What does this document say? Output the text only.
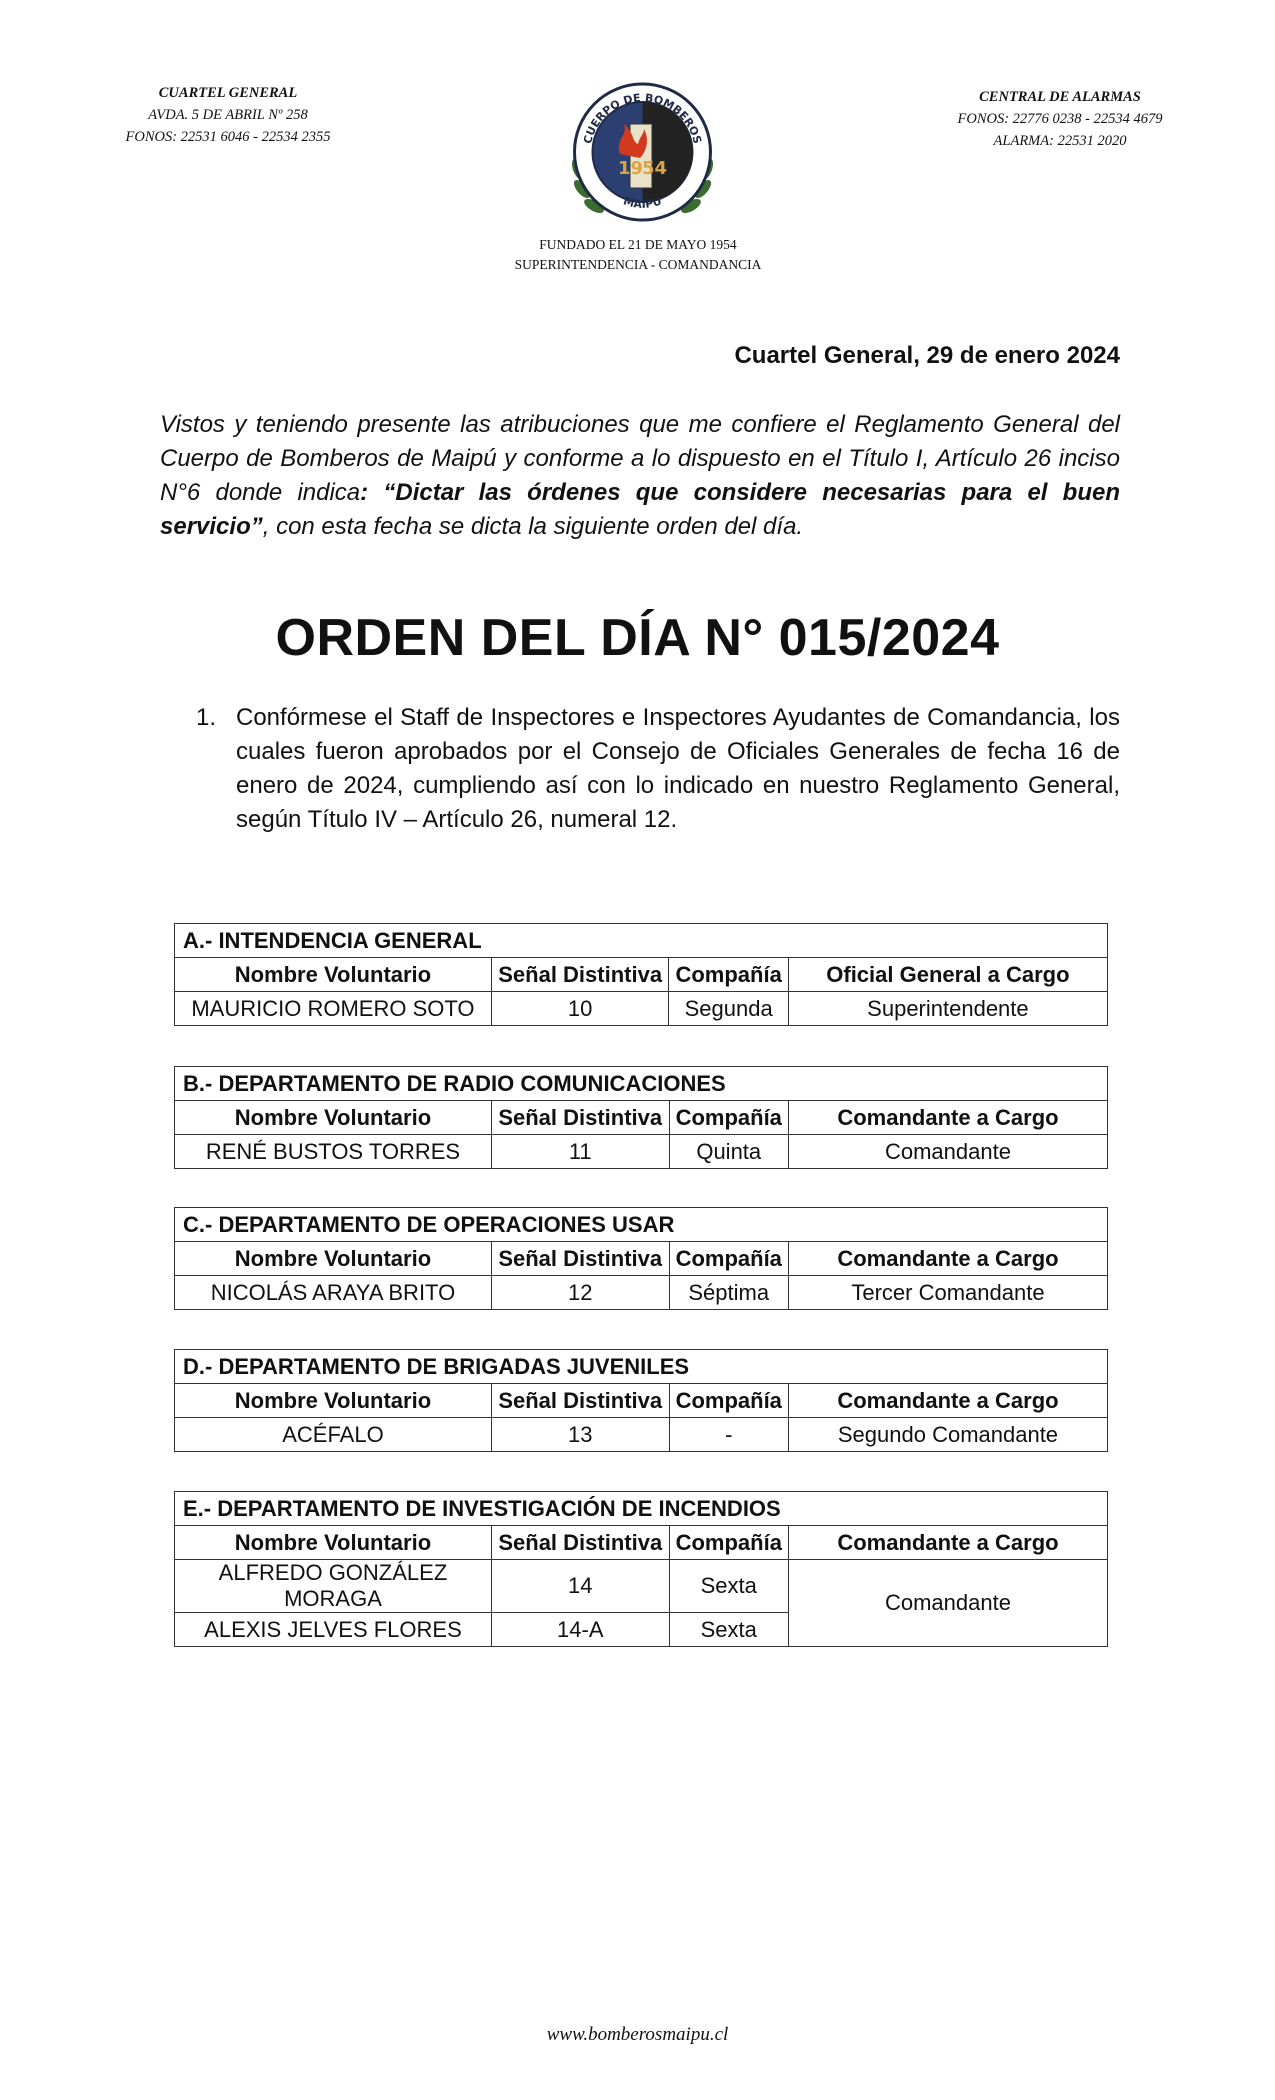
CUARTEL GENERAL
AVDA. 5 DE ABRIL Nº 258
FONOS: 22531 6046 - 22534 2355
19
54
CUERPO DE BOMBEROS
MAIPU
CENTRAL DE ALARMAS
FONOS: 22776 0238 - 22534 4679
ALARMA: 22531 2020
FUNDADO EL 21 DE MAYO 1954
SUPERINTENDENCIA - COMANDANCIA
Cuartel General, 29 de enero 2024
Vistos y teniendo presente las atribuciones que me confiere el Reglamento General del Cuerpo de Bomberos de Maipú y conforme a lo dispuesto en el Título I, Artículo 26 inciso N°6 donde indica: “Dictar las órdenes que considere necesarias para el buen servicio”, con esta fecha se dicta la siguiente orden del día.
ORDEN DEL DÍA N° 015/2024
1. Confórmese el Staff de Inspectores e Inspectores Ayudantes de Comandancia, los cuales fueron aprobados por el Consejo de Oficiales Generales de fecha 16 de enero de 2024, cumpliendo así con lo indicado en nuestro Reglamento General, según Título IV – Artículo 26, numeral 12.
A.- INTENDENCIA GENERAL			
Nombre Voluntario	Señal Distintiva	Compañía	Oficial General a Cargo
MAURICIO ROMERO SOTO	10	Segunda	Superintendente
B.- DEPARTAMENTO DE RADIO COMUNICACIONES			
Nombre Voluntario	Señal Distintiva	Compañía	Comandante a Cargo
RENÉ BUSTOS TORRES	11	Quinta	Comandante
C.- DEPARTAMENTO DE OPERACIONES USAR			
Nombre Voluntario	Señal Distintiva	Compañía	Comandante a Cargo
NICOLÁS ARAYA BRITO	12	Séptima	Tercer Comandante
D.- DEPARTAMENTO DE BRIGADAS JUVENILES			
Nombre Voluntario	Señal Distintiva	Compañía	Comandante a Cargo
ACÉFALO	13	-	Segundo Comandante
E.- DEPARTAMENTO DE INVESTIGACIÓN DE INCENDIOS			
Nombre Voluntario	Señal Distintiva	Compañía	Comandante a Cargo
ALFREDO GONZÁLEZ MORAGA	14	Sexta	Comandante
ALEXIS JELVES FLORES	14-A	Sexta	
www.bomberosmaipu.cl
